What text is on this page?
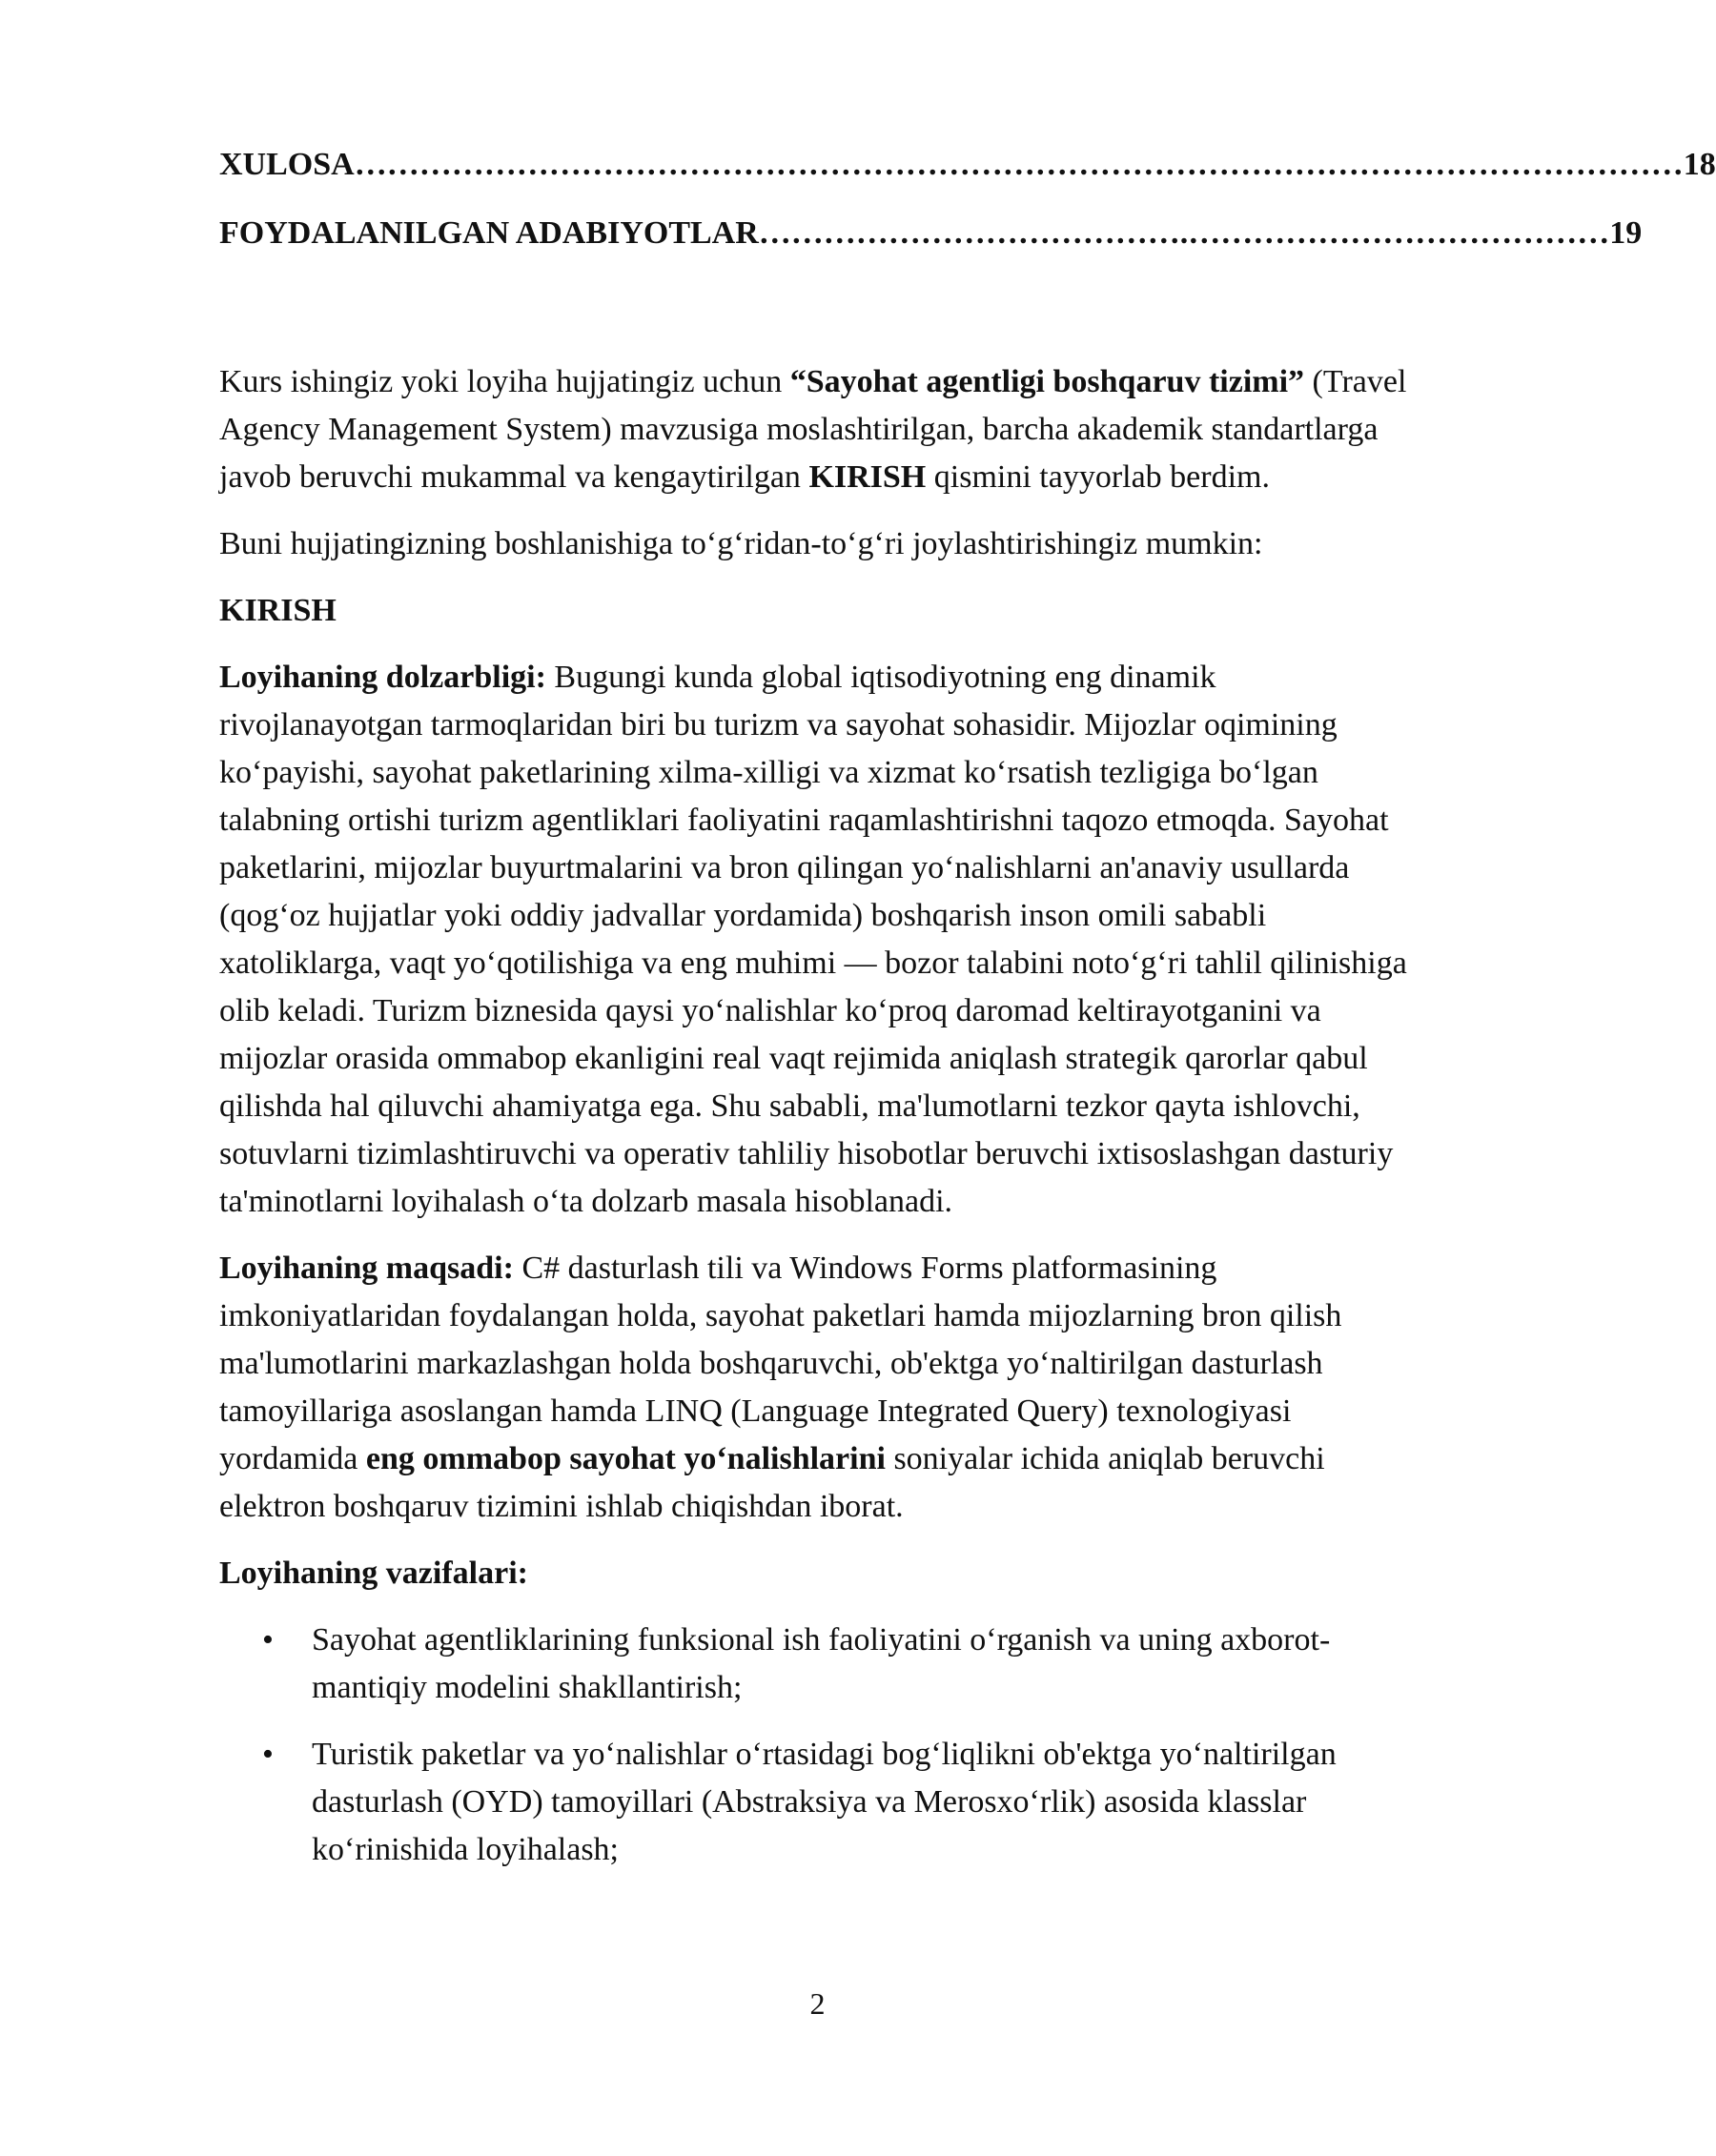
XULOSA …………………………………………………………………………………………………………… 18
FOYDALANILGAN ADABIYOTLAR ………………………………….………………………………… 19

Kurs ishingiz yoki loyiha hujjatingiz uchun “Sayohat agentligi boshqaruv tizimi” (Travel Agency Management System) mavzusiga moslashtirilgan, barcha akademik standartlarga javob beruvchi mukammal va kengaytirilgan KIRISH qismini tayyorlab berdim.

Buni hujjatingizning boshlanishiga to‘g‘ridan-to‘g‘ri joylashtirishingiz mumkin:

KIRISH

Loyihaning dolzarbligi: Bugungi kunda global iqtisodiyotning eng dinamik rivojlanayotgan tarmoqlaridan biri bu turizm va sayohat sohasidir. Mijozlar oqimining ko‘payishi, sayohat paketlarining xilma-xilligi va xizmat ko‘rsatish tezligiga bo‘lgan talabning ortishi turizm agentliklari faoliyatini raqamlashtirishni taqozo etmoqda. Sayohat paketlarini, mijozlar buyurtmalarini va bron qilingan yo‘nalishlarni an'anaviy usullarda (qog‘oz hujjatlar yoki oddiy jadvallar yordamida) boshqarish inson omili sababli xatoliklarga, vaqt yo‘qotilishiga va eng muhimi — bozor talabini noto‘g‘ri tahlil qilinishiga olib keladi. Turizm biznesida qaysi yo‘nalishlar ko‘proq daromad keltirayotganini va mijozlar orasida ommabop ekanligini real vaqt rejimida aniqlash strategik qarorlar qabul qilishda hal qiluvchi ahamiyatga ega. Shu sababli, ma'lumotlarni tezkor qayta ishlovchi, sotuvlarni tizimlashtiruvchi va operativ tahliliy hisobotlar beruvchi ixtisoslashgan dasturiy ta'minotlarni loyihalash o‘ta dolzarb masala hisoblanadi.

Loyihaning maqsadi: C# dasturlash tili va Windows Forms platformasining imkoniyatlaridan foydalangan holda, sayohat paketlari hamda mijozlarning bron qilish ma'lumotlarini markazlashgan holda boshqaruvchi, ob'ektga yo‘naltirilgan dasturlash tamoyillariga asoslangan hamda LINQ (Language Integrated Query) texnologiyasi yordamida eng ommabop sayohat yo‘nalishlarini soniyalar ichida aniqlab beruvchi elektron boshqaruv tizimini ishlab chiqishdan iborat.

Loyihaning vazifalari:
• Sayohat agentliklarining funksional ish faoliyatini o‘rganish va uning axborot-mantiqiy modelini shakllantirish;
• Turistik paketlar va yo‘nalishlar o‘rtasidagi bog‘liqlikni ob'ektga yo‘naltirilgan dasturlash (OYD) tamoyillari (Abstraksiya va Merosxo‘rlik) asosida klasslar ko‘rinishida loyihalash;
2
